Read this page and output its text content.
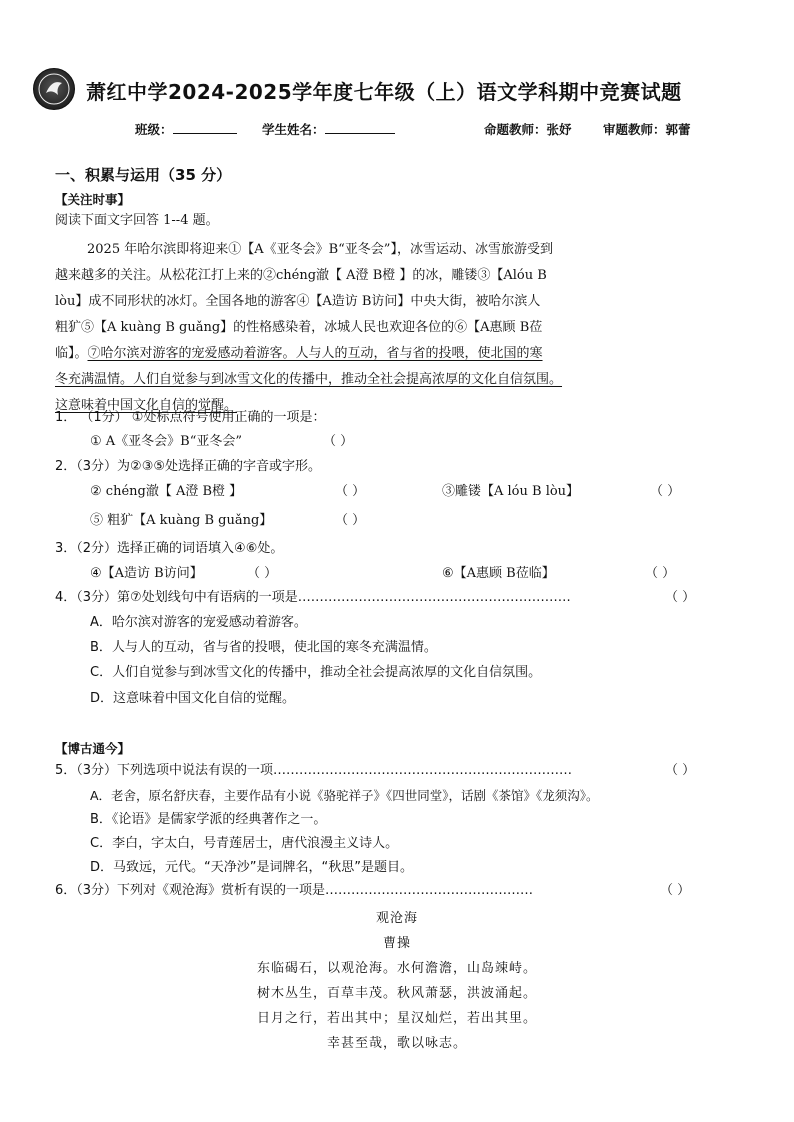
萧红中学2024-2025学年度七年级（上）语文学科期中竞赛试题
班级：	学生姓名：	命题教师：张妤	审题教师：郭蕾
一、积累与运用（35 分）
【关注时事】
阅读下面文字回答 1--4 题。

2025 年哈尔滨即将迎来①【A《亚冬会》B“亚冬会”】，冰雪运动、冰雪旅游受到

越来越多的关注。从松花江打上来的②chéng澈【 A澄 B橙 】的冰，雕镂③【Alóu B

lòu】成不同形状的冰灯。全国各地的游客④【A造访 B访问】中央大街，被哈尔滨人

粗犷⑤【A kuàng B guǎng】的性格感染着，冰城人民也欢迎各位的⑥【A惠顾 B莅

临】。⑦哈尔滨对游客的宠爱感动着游客。人与人的互动，省与省的投喂，使北国的寒

冬充满温情。人们自觉参与到冰雪文化的传播中，推动全社会提高浓厚的文化自信氛围。

这意味着中国文化自信的觉醒。

1． （1分） ①处标点符号使用正确的一项是：
① A《亚冬会》B“亚冬会”	（ ）
2．（3分）为②③⑤处选择正确的字音或字形。
② chéng澈【 A澄 B橙 】	（ ）	③雕镂【A lóu B lòu】	（ ）
⑤ 粗犷【A kuàng B guǎng】	（ ）
3．（2分）选择正确的词语填入④⑥处。
④【A造访 B访问】	（ ）	⑥【A惠顾 B莅临】	（ ）
4．（3分）第⑦处划线句中有语病的一项是………………………………………………………	（ ）
A．哈尔滨对游客的宠爱感动着游客。
B．人与人的互动，省与省的投喂，使北国的寒冬充满温情。
C．人们自觉参与到冰雪文化的传播中，推动全社会提高浓厚的文化自信氛围。
D．这意味着中国文化自信的觉醒。
【博古通今】
5．（3分）下列选项中说法有误的一项……………………………………………………………	（ ）
A．老舍，原名舒庆春，主要作品有小说《骆驼祥子》《四世同堂》，话剧《茶馆》《龙须沟》。
B．《论语》是儒家学派的经典著作之一。
C．李白，字太白，号青莲居士，唐代浪漫主义诗人。
D．马致远，元代。“天净沙”是词牌名，“秋思”是题目。
6．（3分）下列对《观沧海》赏析有误的一项是…………………………………………	（ ）
观沧海
曹操
东临碣石，以观沧海。水何澹澹，山岛竦峙。
树木丛生，百草丰茂。秋风萧瑟，洪波涌起。
日月之行，若出其中；星汉灿烂，若出其里。
幸甚至哉，歌以咏志。
